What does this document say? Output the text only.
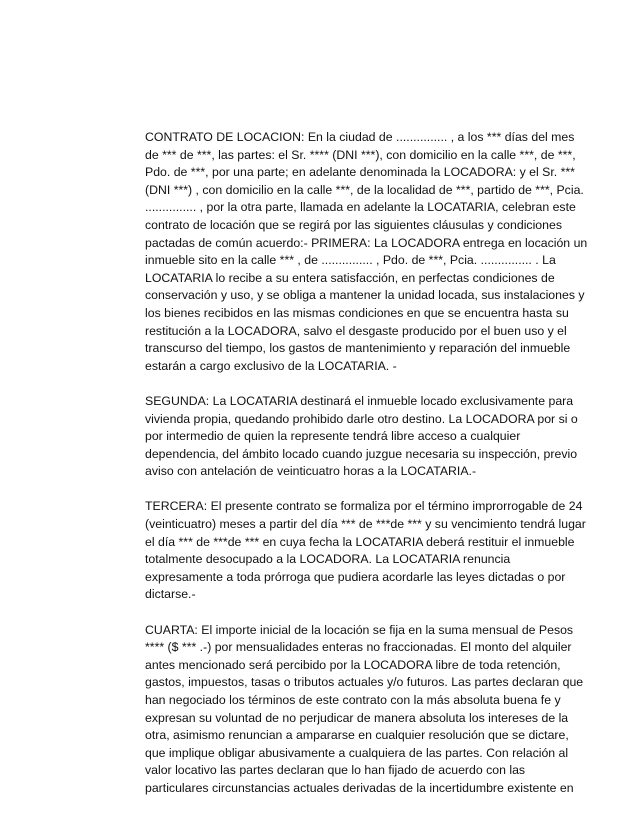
CONTRATO DE LOCACION: En la ciudad de ............... , a los *** días del mes
de *** de ***, las partes: el Sr. **** (DNI ***), con domicilio en la calle ***, de ***,
Pdo. de ***, por una parte; en adelante denominada la LOCADORA: y el Sr. ***
(DNI ***) , con domicilio en la calle ***, de la localidad de ***, partido de ***, Pcia.
............... , por la otra parte, llamada en adelante la LOCATARIA, celebran este
contrato de locación que se regirá por las siguientes cláusulas y condiciones
pactadas de común acuerdo:- PRIMERA: La LOCADORA entrega en locación un
inmueble sito en la calle *** , de ............... , Pdo. de ***, Pcia. ............... . La
LOCATARIA lo recibe a su entera satisfacción, en perfectas condiciones de
conservación y uso, y se obliga a mantener la unidad locada, sus instalaciones y
los bienes recibidos en las mismas condiciones en que se encuentra hasta su
restitución a la LOCADORA, salvo el desgaste producido por el buen uso y el
transcurso del tiempo, los gastos de mantenimiento y reparación del inmueble
estarán a cargo exclusivo de la LOCATARIA. -
SEGUNDA: La LOCATARIA destinará el inmueble locado exclusivamente para
vivienda propia, quedando prohibido darle otro destino. La LOCADORA por si o
por intermedio de quien la represente tendrá libre acceso a cualquier
dependencia, del ámbito locado cuando juzgue necesaria su inspección, previo
aviso con antelación de veinticuatro horas a la LOCATARIA.-
TERCERA: El presente contrato se formaliza por el término improrrogable de 24
(veinticuatro) meses a partir del día *** de ***de *** y su vencimiento tendrá lugar
el día *** de ***de *** en cuya fecha la LOCATARIA deberá restituir el inmueble
totalmente desocupado a la LOCADORA. La LOCATARIA renuncia
expresamente a toda prórroga que pudiera acordarle las leyes dictadas o por
dictarse.-
CUARTA: El importe inicial de la locación se fija en la suma mensual de Pesos
**** ($ *** .-) por mensualidades enteras no fraccionadas. El monto del alquiler
antes mencionado será percibido por la LOCADORA libre de toda retención,
gastos, impuestos, tasas o tributos actuales y/o futuros. Las partes declaran que
han negociado los términos de este contrato con la más absoluta buena fe y
expresan su voluntad de no perjudicar de manera absoluta los intereses de la
otra, asimismo renuncian a ampararse en cualquier resolución que se dictare,
que implique obligar abusivamente a cualquiera de las partes. Con relación al
valor locativo las partes declaran que lo han fijado de acuerdo con las
particulares circunstancias actuales derivadas de la incertidumbre existente en
